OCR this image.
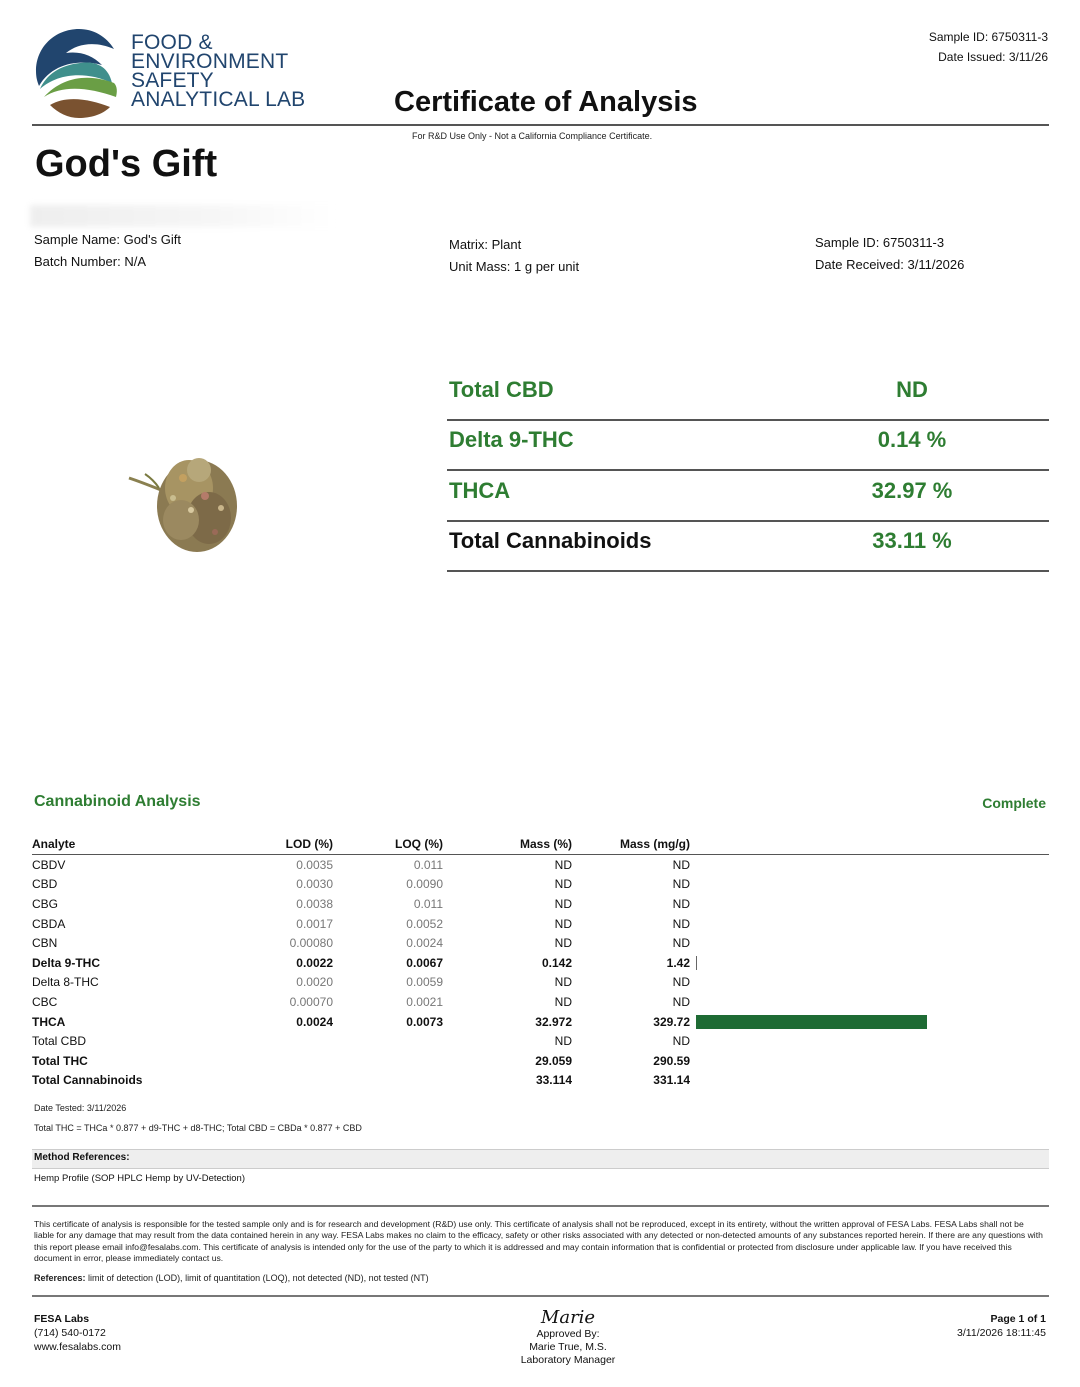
FOOD &
ENVIRONMENT
SAFETY
ANALYTICAL LAB
Sample ID: 6750311-3
Date Issued: 3/11/26
Certificate of Analysis
For R&D Use Only - Not a California Compliance Certificate.
God's Gift
Sample Name: God's Gift
Batch Number: N/A
Matrix: Plant
Unit Mass: 1 g per unit
Sample ID: 6750311-3
Date Received: 3/11/2026
Total CBD	ND
Delta 9-THC	0.14 %
THCA	32.97 %
Total Cannabinoids	33.11 %
Cannabinoid Analysis	Complete
Analyte	LOD (%)	LOQ (%)	Mass (%)	Mass (mg/g)	
CBDV	0.0035	0.011	ND	ND	
CBD	0.0030	0.0090	ND	ND	
CBG	0.0038	0.011	ND	ND	
CBDA	0.0017	0.0052	ND	ND	
CBN	0.00080	0.0024	ND	ND	
Delta 9-THC	0.0022	0.0067	0.142	1.42	
Delta 8-THC	0.0020	0.0059	ND	ND	
CBC	0.00070	0.0021	ND	ND	
THCA	0.0024	0.0073	32.972	329.72	
Total CBD			ND	ND	
Total THC			29.059	290.59	
Total Cannabinoids			33.114	331.14	
Date Tested: 3/11/2026
Total THC = THCa * 0.877 + d9-THC + d8-THC; Total CBD = CBDa * 0.877 + CBD
Method References:
Hemp Profile (SOP HPLC Hemp by UV-Detection)
This certificate of analysis is responsible for the tested sample only and is for research and development (R&D) use only. This certificate of analysis shall not be reproduced, except in its entirety, without the written approval of FESA Labs. FESA Labs shall not be liable for any damage that may result from the data contained herein in any way. FESA Labs makes no claim to the efficacy, safety or other risks associated with any detected or non-detected amounts of any substances reported herein. If there are any questions with this report please email info@fesalabs.com. This certificate of analysis is intended only for the use of the party to which it is addressed and may contain information that is confidential or protected from disclosure under applicable law. If you have received this document in error, please immediately contact us.
References: limit of detection (LOD), limit of quantitation (LOQ), not detected (ND), not tested (NT)
FESA Labs
(714) 540-0172
www.fesalabs.com
Marie
Approved By:
Marie True, M.S.
Laboratory Manager
Page 1 of 1
3/11/2026 18:11:45
